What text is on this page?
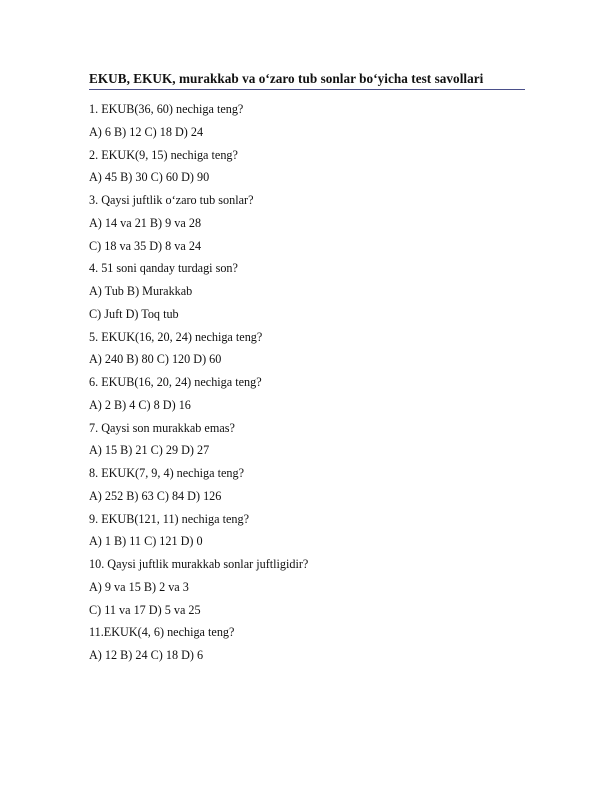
EKUB, EKUK, murakkab va o‘zaro tub sonlar bo‘yicha test savollari
1. EKUB(36, 60) nechiga teng?
A) 6 B) 12 C) 18 D) 24
2. EKUK(9, 15) nechiga teng?
A) 45 B) 30 C) 60 D) 90
3. Qaysi juftlik o‘zaro tub sonlar?
A) 14 va 21 B) 9 va 28
C) 18 va 35 D) 8 va 24
4. 51 soni qanday turdagi son?
A) Tub B) Murakkab
C) Juft D) Toq tub
5. EKUK(16, 20, 24) nechiga teng?
A) 240 B) 80 C) 120 D) 60
6. EKUB(16, 20, 24) nechiga teng?
A) 2 B) 4 C) 8 D) 16
7. Qaysi son murakkab emas?
A) 15 B) 21 C) 29 D) 27
8. EKUK(7, 9, 4) nechiga teng?
A) 252 B) 63 C) 84 D) 126
9. EKUB(121, 11) nechiga teng?
A) 1 B) 11 C) 121 D) 0
10. Qaysi juftlik murakkab sonlar juftligidir?
A) 9 va 15 B) 2 va 3
C) 11 va 17 D) 5 va 25
11.EKUK(4, 6) nechiga teng?
A) 12 B) 24 C) 18 D) 6
